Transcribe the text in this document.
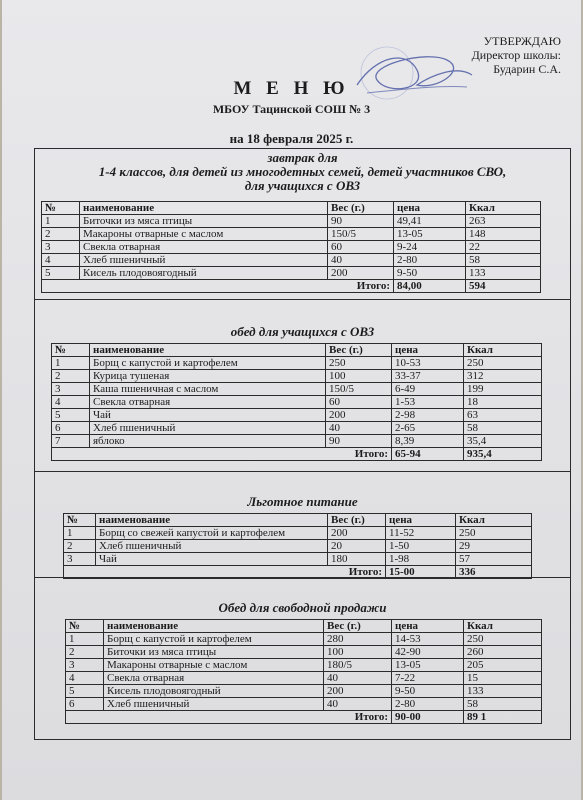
УТВЕРЖДАЮ
Директор школы:
Бударин С.А.
М Е Н Ю
МБОУ Тацинской СОШ № 3
на 18 февраля 2025 г.
завтрак для
1-4 классов, для детей из многодетных семей, детей участников СВО,
для учащихся с ОВЗ
№	наименование	Вес (г.)	цена	Ккал
1	Биточки из мяса птицы	90	49,41	263
2	Макароны отварные с маслом	150/5	13-05	148
3	Свекла отварная	60	9-24	22
4	Хлеб пшеничный	40	2-80	58
5	Кисель плодовоягодный	200	9-50	133
		Итого:	84,00	594
обед для учащихся с ОВЗ
№	наименование	Вес (г.)	цена	Ккал
1	Борщ с капустой и картофелем	250	10-53	250
2	Курица тушеная	100	33-37	312
3	Каша пшеничная с маслом	150/5	6-49	199
4	Свекла отварная	60	1-53	18
5	Чай	200	2-98	63
6	Хлеб пшеничный	40	2-65	58
7	яблоко	90	8,39	35,4
		Итого:	65-94	935,4
Льготное питание
№	наименование	Вес (г.)	цена	Ккал
1	Борщ со свежей капустой и картофелем	200	11-52	250
2	Хлеб пшеничный	20	1-50	29
3	Чай	180	1-98	57
		Итого:	15-00	336
Обед для свободной продажи
№	наименование	Вес (г.)	цена	Ккал
1	Борщ с капустой и картофелем	280	14-53	250
2	Биточки из мяса птицы	100	42-90	260
3	Макароны отварные с маслом	180/5	13-05	205
4	Свекла отварная	40	7-22	15
5	Кисель плодовоягодный	200	9-50	133
6	Хлеб пшеничный	40	2-80	58
		Итого:	90-00	89 1
